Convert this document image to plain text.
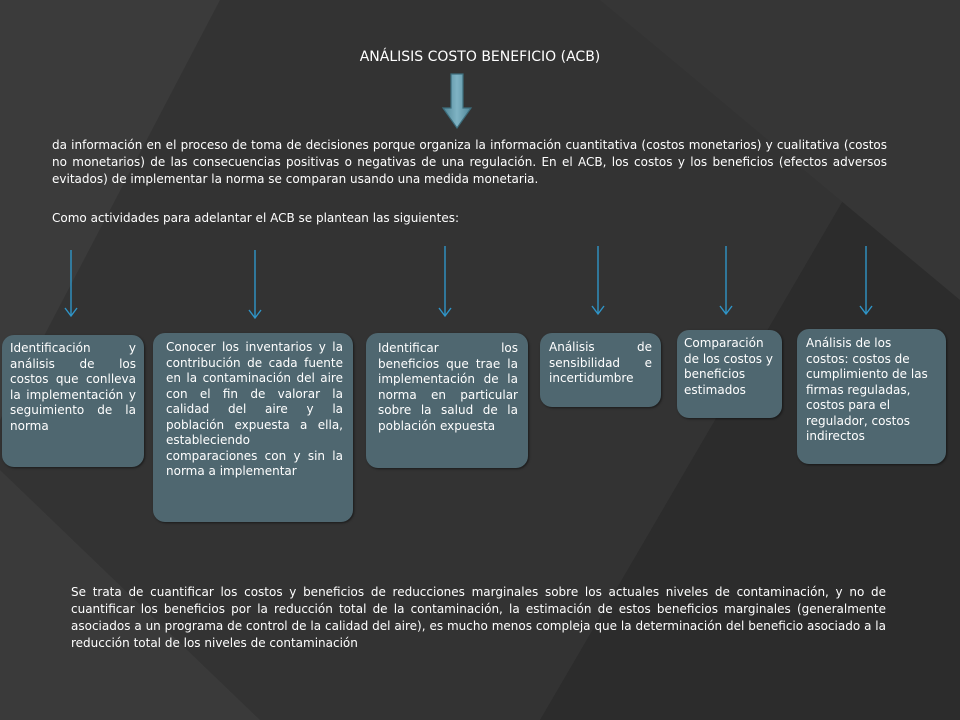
ANÁLISIS COSTO BENEFICIO (ACB)
da información en el proceso de toma de decisiones porque organiza la información cuantitativa (costos monetarios) y cualitativa (costos no monetarios) de las consecuencias positivas o negativas de una regulación. En el ACB, los costos y los beneficios (efectos adversos evitados) de implementar la norma se comparan usando una medida monetaria.
Como actividades para adelantar el ACB se plantean las siguientes:
Identificación y análisis de los costos que conlleva la implementación y seguimiento de la norma
Conocer los inventarios y la contribución de cada fuente en la contaminación del aire con el fin de valorar la calidad del aire y la población expuesta a ella, estableciendo comparaciones con y sin la norma a implementar
Identificar los beneficios que trae la implementación de la norma en particular sobre la salud de la población expuesta
Análisis de sensibilidad e incertidumbre
Comparación de los costos y beneficios estimados
Análisis de los costos: costos de cumplimiento de las firmas reguladas, costos para el regulador, costos indirectos
Se trata de cuantificar los costos y beneficios de reducciones marginales sobre los actuales niveles de contaminación, y no de cuantificar los beneficios por la reducción total de la contaminación, la estimación de estos beneficios marginales (generalmente asociados a un programa de control de la calidad del aire), es mucho menos compleja que la determinación del beneficio asociado a la reducción total de los niveles de contaminación
